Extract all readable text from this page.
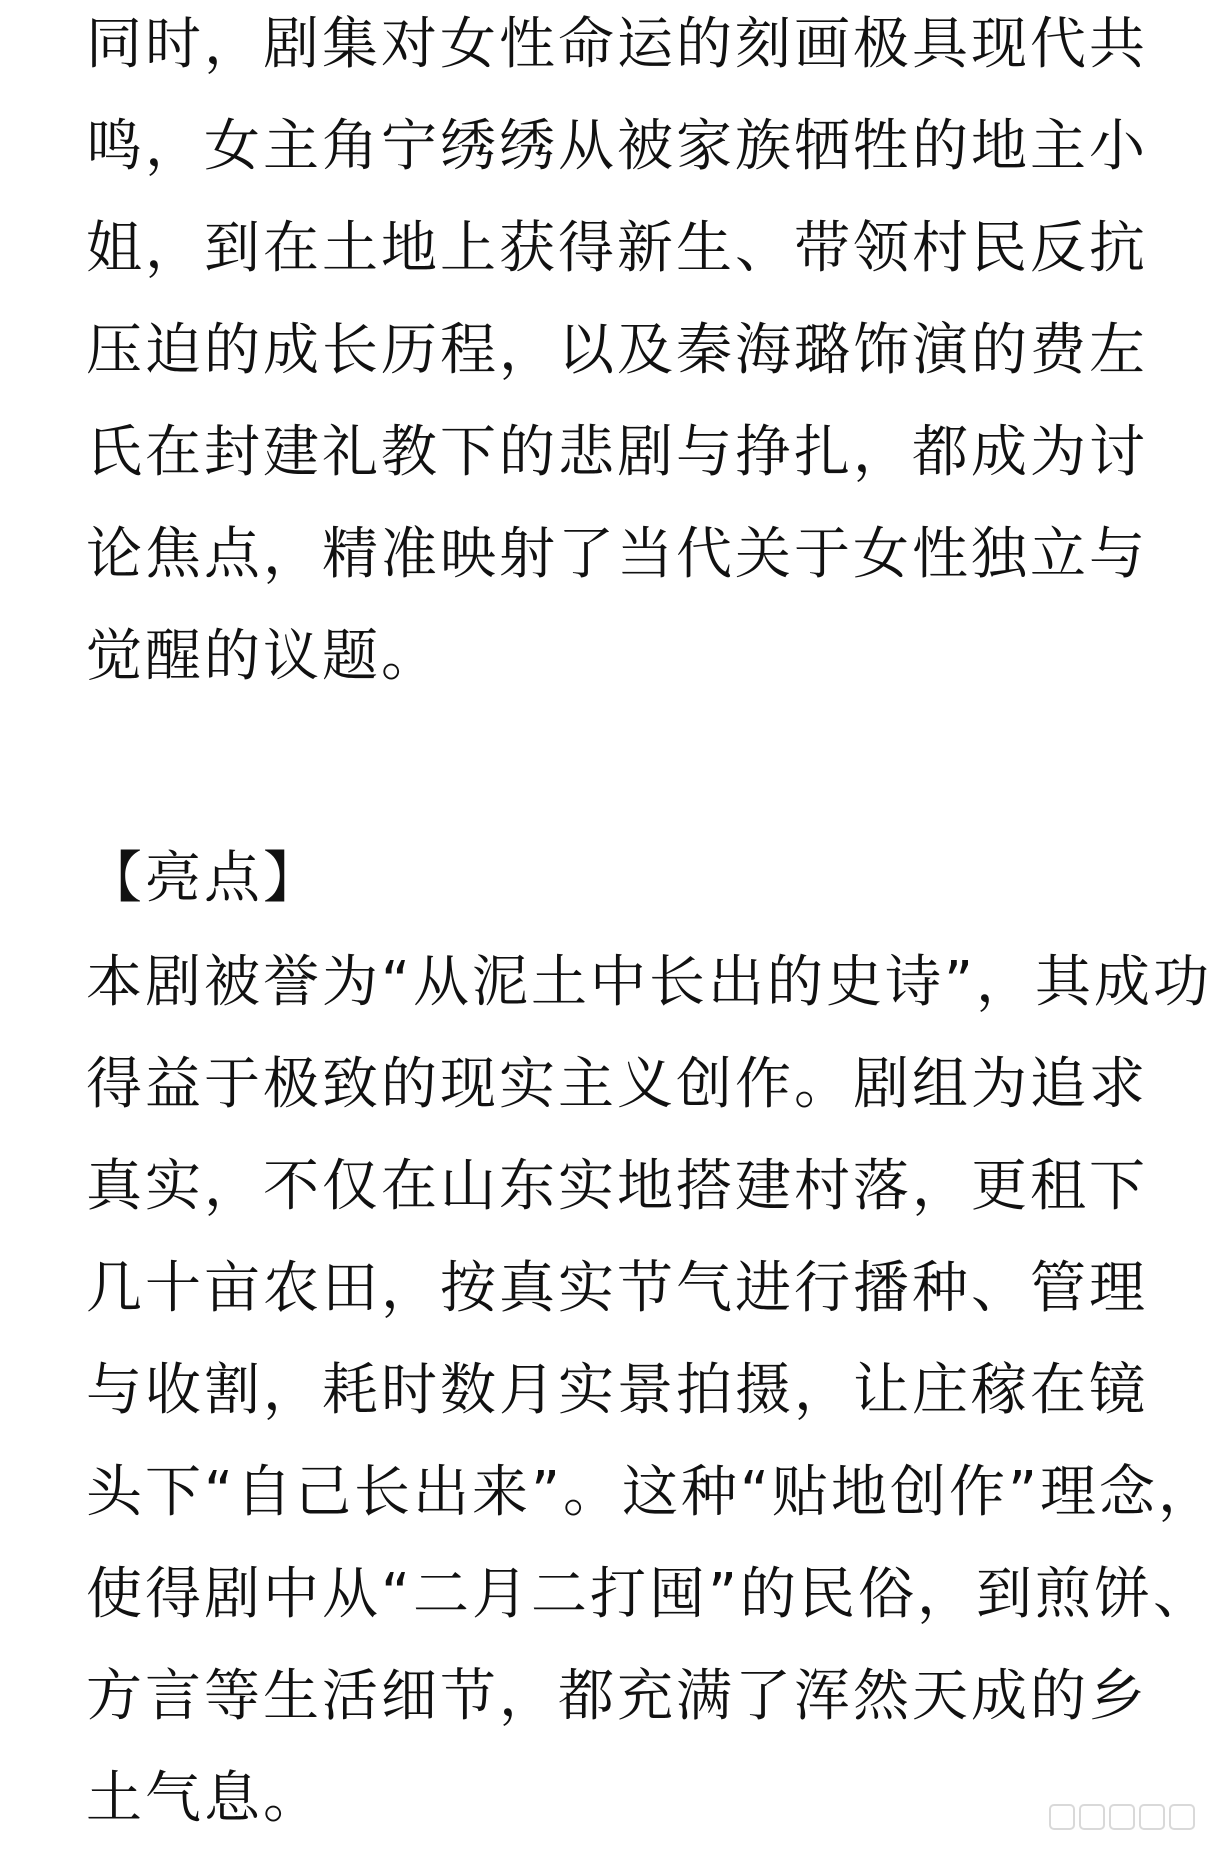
同时，剧集对女性命运的刻画极具现代共
鸣，女主角宁绣绣从被家族牺牲的地主小
姐，到在土地上获得新生、带领村民反抗
压迫的成长历程，以及秦海璐饰演的费左
氏在封建礼教下的悲剧与挣扎，都成为讨
论焦点，精准映射了当代关于女性独立与
觉醒的议题。
【亮点】
本剧被誉为“从泥土中长出的史诗”，其成功
得益于极致的现实主义创作。剧组为追求
真实，不仅在山东实地搭建村落，更租下
几十亩农田，按真实节气进行播种、管理
与收割，耗时数月实景拍摄，让庄稼在镜
头下“自己长出来”。这种“贴地创作”理念，
使得剧中从“二月二打囤”的民俗，到煎饼、
方言等生活细节，都充满了浑然天成的乡
土气息。
